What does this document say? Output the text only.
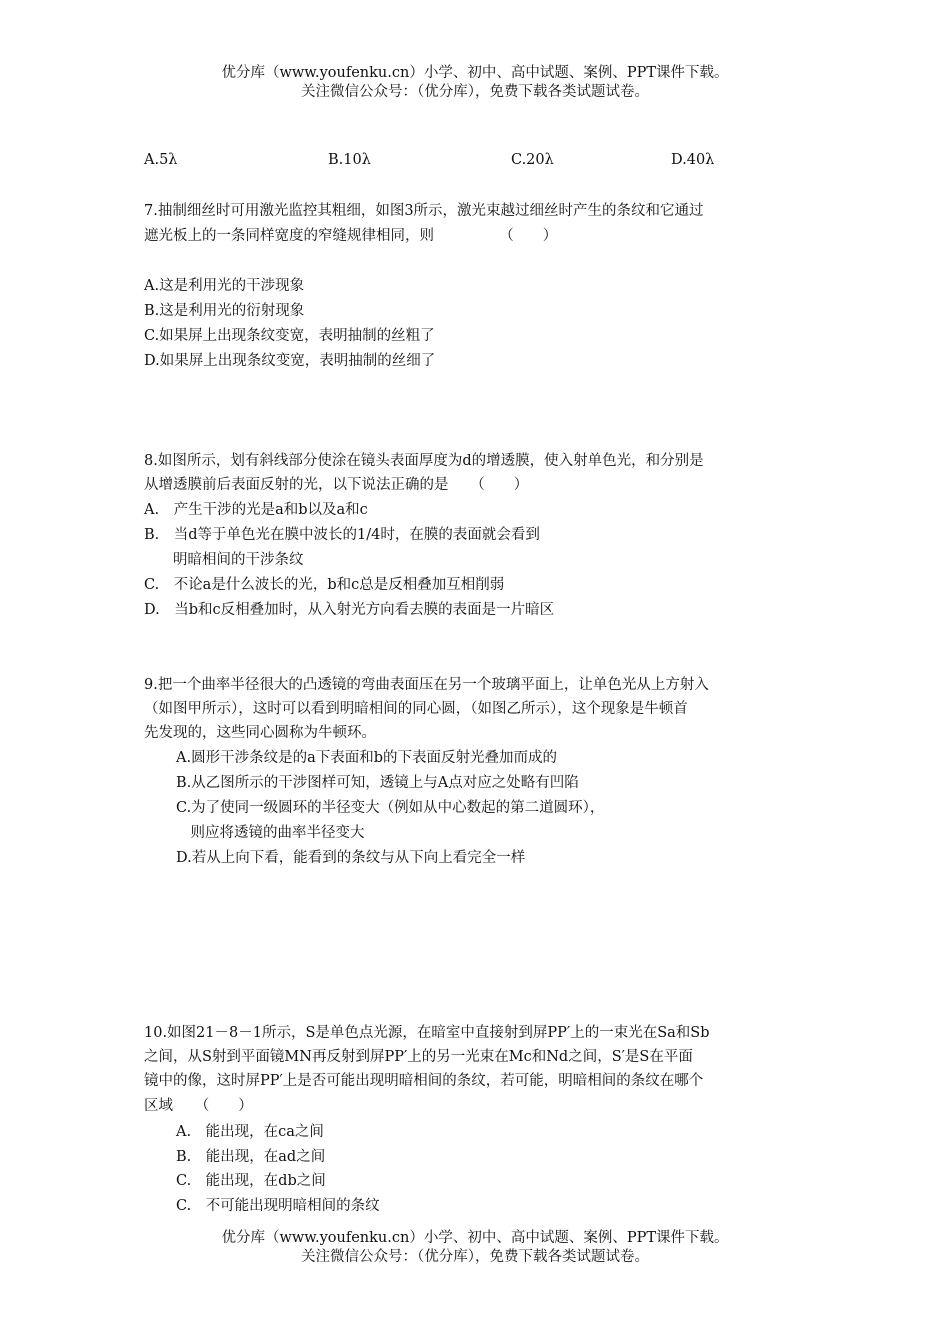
优分库（www.youfenku.cn）小学、初中、高中试题、案例、PPT课件下载。
关注微信公众号：（优分库），免费下载各类试题试卷。
A.5λ	B.10λ	C.20λ	D.40λ
7.抽制细丝时可用激光监控其粗细，如图3所示，激光束越过细丝时产生的条纹和它通过
遮光板上的一条同样宽度的窄缝规律相同，则　　　　　（　　）
A.这是利用光的干涉现象
B.这是利用光的衍射现象
C.如果屏上出现条纹变宽，表明抽制的丝粗了
D.如果屏上出现条纹变宽，表明抽制的丝细了
8.如图所示，划有斜线部分使涂在镜头表面厚度为d的增透膜，使入射单色光，和分别是
从增透膜前后表面反射的光，以下说法正确的是　　（　　）
A.　产生干涉的光是a和b以及a和c
B.　当d等于单色光在膜中波长的1/4时，在膜的表面就会看到
　　明暗相间的干涉条纹
C.　不论a是什么波长的光，b和c总是反相叠加互相削弱
D.　当b和c反相叠加时，从入射光方向看去膜的表面是一片暗区
9.把一个曲率半径很大的凸透镜的弯曲表面压在另一个玻璃平面上，让单色光从上方射入
（如图甲所示），这时可以看到明暗相间的同心圆，（如图乙所示），这个现象是牛顿首
先发现的，这些同心圆称为牛顿环。
A.圆形干涉条纹是的a下表面和b的下表面反射光叠加而成的
B.从乙图所示的干涉图样可知，透镜上与A点对应之处略有凹陷
C.为了使同一级圆环的半径变大（例如从中心数起的第二道圆环），
　则应将透镜的曲率半径变大
D.若从上向下看，能看到的条纹与从下向上看完全一样
10.如图21－8－1所示，S是单色点光源，在暗室中直接射到屏PP′上的一束光在Sa和Sb
之间，从S射到平面镜MN再反射到屏PP′上的另一光束在Mc和Nd之间，S′是S在平面
镜中的像，这时屏PP′上是否可能出现明暗相间的条纹，若可能，明暗相间的条纹在哪个
区域　　（　　）
A.　能出现，在ca之间
B.　能出现，在ad之间
C.　能出现，在db之间
C.　不可能出现明暗相间的条纹
优分库（www.youfenku.cn）小学、初中、高中试题、案例、PPT课件下载。
关注微信公众号：（优分库），免费下载各类试题试卷。
